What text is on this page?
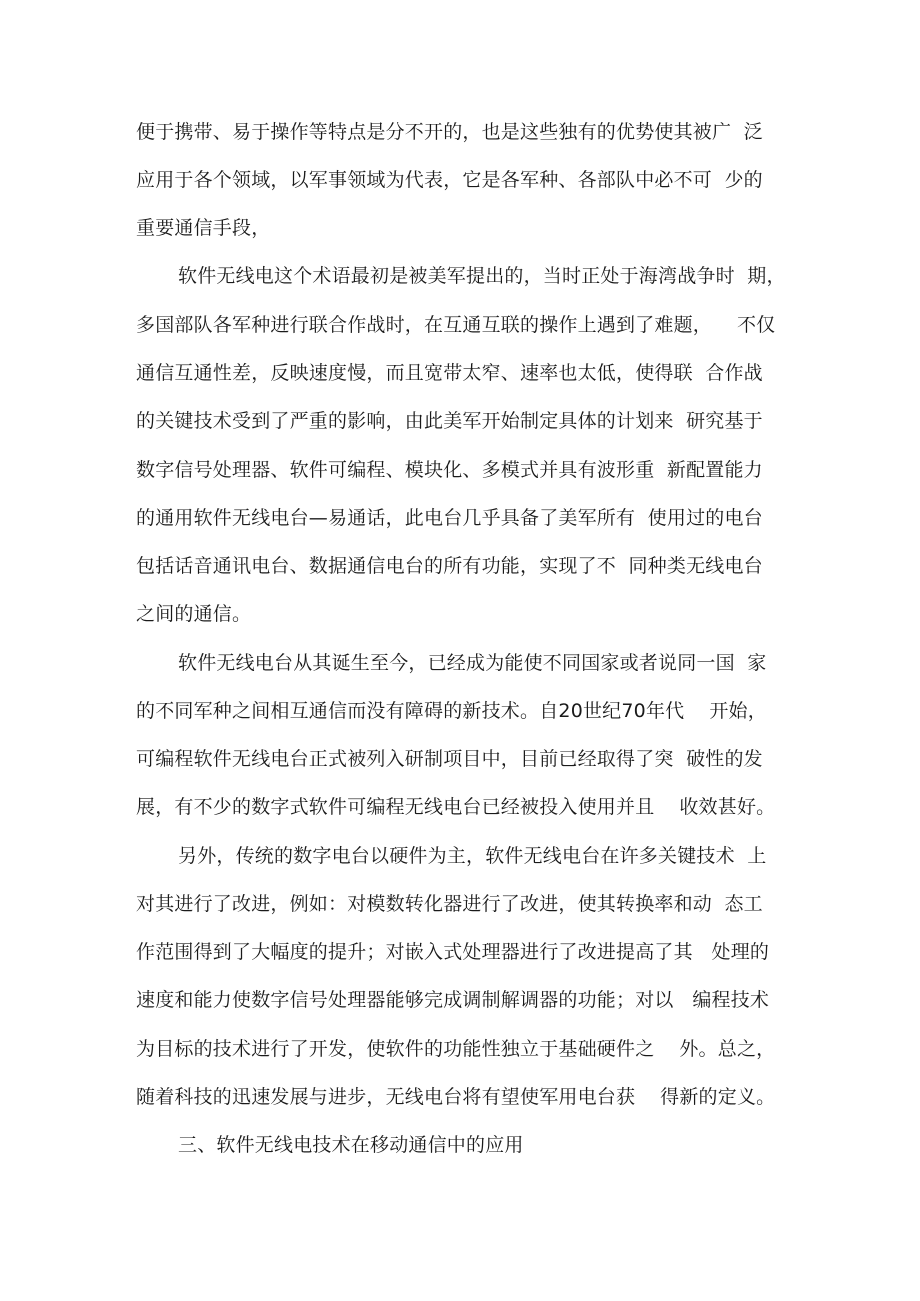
便于携带、易于操作等特点是分不开的，也是这些独有的优势使其被广  泛
应用于各个领域，以军事领域为代表，它是各军种、各部队中必不可  少的
重要通信手段，
软件无线电这个术语最初是被美军提出的，当时正处于海湾战争时  期，
多国部队各军种进行联合作战时，在互通互联的操作上遇到了难题，    不仅
通信互通性差，反映速度慢，而且宽带太窄、速率也太低，使得联  合作战
的关键技术受到了严重的影响，由此美军开始制定具体的计划来  研究基于
数字信号处理器、软件可编程、模块化、多模式并具有波形重  新配置能力
的通用软件无线电台—易通话，此电台几乎具备了美军所有  使用过的电台
包括话音通讯电台、数据通信电台的所有功能，实现了不  同种类无线电台
之间的通信。
软件无线电台从其诞生至今，已经成为能使不同国家或者说同一国  家
的不同军种之间相互通信而没有障碍的新技术。自20世纪70年代    开始，
可编程软件无线电台正式被列入研制项目中，目前已经取得了突  破性的发
展，有不少的数字式软件可编程无线电台已经被投入使用并且    收效甚好。
另外，传统的数字电台以硬件为主，软件无线电台在许多关键技术  上
对其进行了改进，例如：对模数转化器进行了改进，使其转换率和动  态工
作范围得到了大幅度的提升；对嵌入式处理器进行了改进提高了其   处理的
速度和能力使数字信号处理器能够完成调制解调器的功能；对以   编程技术
为目标的技术进行了开发，使软件的功能性独立于基础硬件之    外。总之，
随着科技的迅速发展与进步，无线电台将有望使军用电台获    得新的定义。
三、软件无线电技术在移动通信中的应用
